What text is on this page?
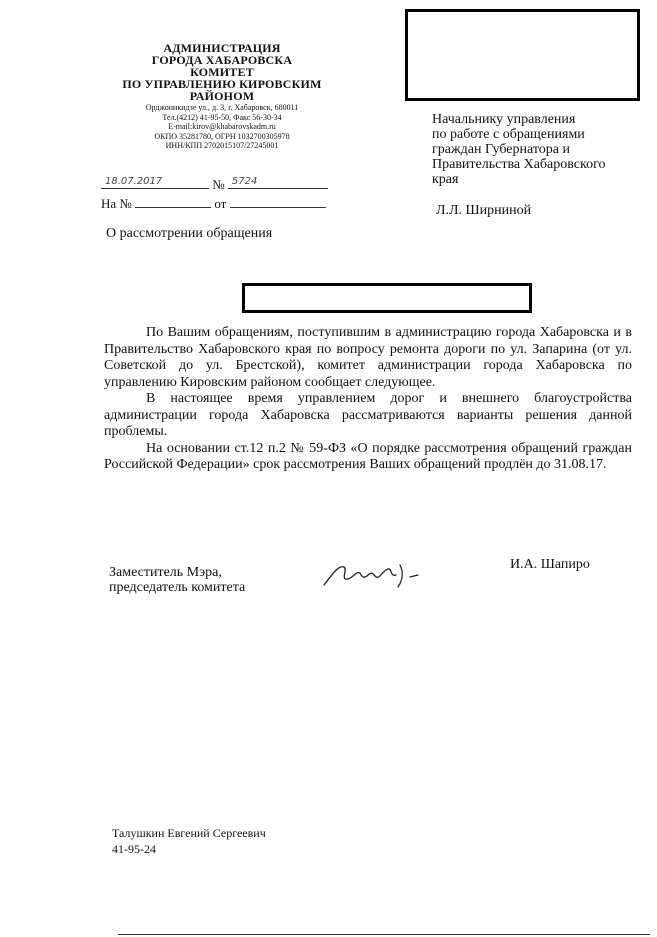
АДМИНИСТРАЦИЯ
ГОРОДА ХАБАРОВСКА
КОМИТЕТ
ПО УПРАВЛЕНИЮ КИРОВСКИМ
РАЙОНОМ
Орджоникидзе ул., д. 3, г. Хабаровск, 680011
Тел.(4212) 41-95-50, Факс 56-30-34
E-mail:kirov@khabarovskadm.ru
ОКПО 35281780, ОГРН 1032700305978
ИНН/КПП 2702015107/27245001
Начальнику управления
по работе с обращениями
граждан Губернатора и
Правительства Хабаровского
края
Л.Л. Ширниной
18.07.2017	№ 5724
На №	от
О рассмотрении обращения

По Вашим обращениям, поступившим в администрацию города Хабаровска и в Правительство Хабаровского края по вопросу ремонта дороги по ул. Запарина (от ул. Советской до ул. Брестской), комитет администрации города Хабаровска по управлению Кировским районом сообщает следующее.

В настоящее время управлением дорог и внешнего благоустройства администрации города Хабаровска рассматриваются варианты решения данной проблемы.

На основании ст.12 п.2 № 59-ФЗ «О порядке рассмотрения обращений граждан Российской Федерации» срок рассмотрения Ваших обращений продлён до 31.08.17.

Заместитель Мэра,
председатель комитета
И.А. Шапиро
Талушкин Евгений Сергеевич
41-95-24
